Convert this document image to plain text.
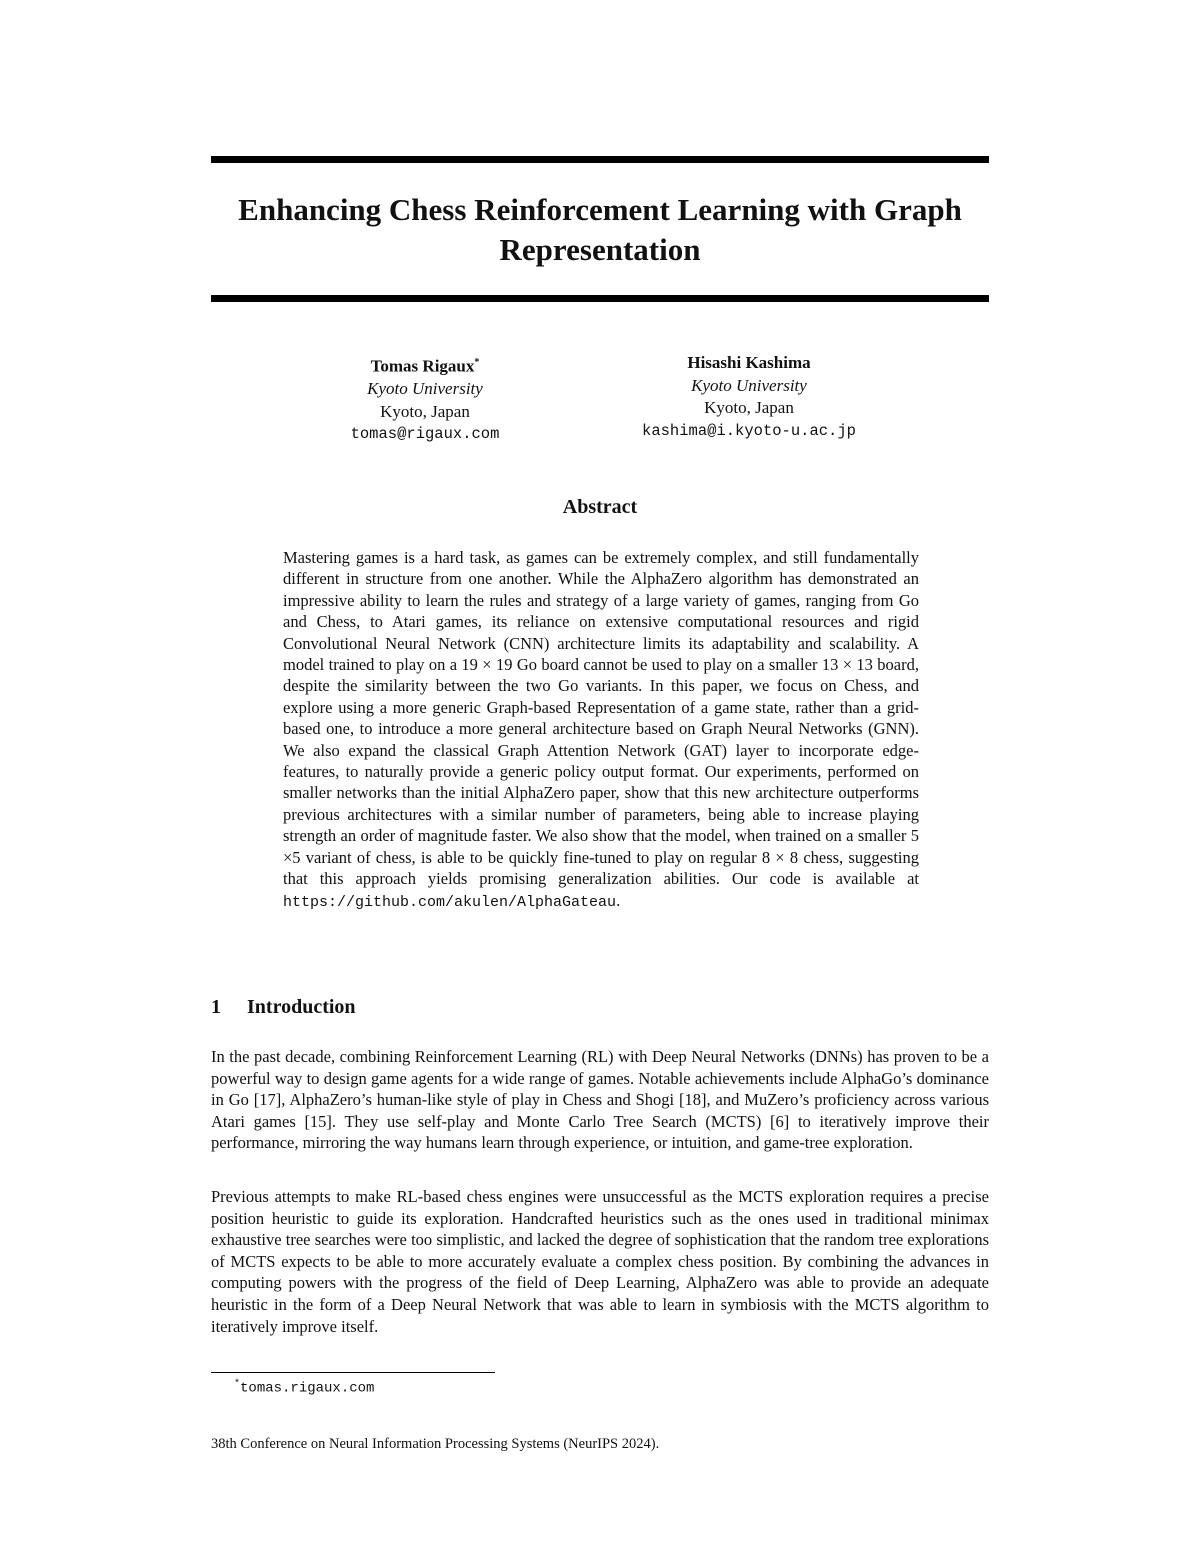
Enhancing Chess Reinforcement Learning with Graph Representation
Tomas Rigaux*
Kyoto University
Kyoto, Japan
tomas@rigaux.com
Hisashi Kashima
Kyoto University
Kyoto, Japan
kashima@i.kyoto-u.ac.jp
Abstract
Mastering games is a hard task, as games can be extremely complex, and still fundamentally different in structure from one another. While the AlphaZero algorithm has demonstrated an impressive ability to learn the rules and strategy of a large variety of games, ranging from Go and Chess, to Atari games, its reliance on extensive computational resources and rigid Convolutional Neural Network (CNN) architecture limits its adaptability and scalability. A model trained to play on a 19 × 19 Go board cannot be used to play on a smaller 13 × 13 board, despite the similarity between the two Go variants. In this paper, we focus on Chess, and explore using a more generic Graph-based Representation of a game state, rather than a grid-based one, to introduce a more general architecture based on Graph Neural Networks (GNN). We also expand the classical Graph Attention Network (GAT) layer to incorporate edge-features, to naturally provide a generic policy output format. Our experiments, performed on smaller networks than the initial AlphaZero paper, show that this new architecture outperforms previous architectures with a similar number of parameters, being able to increase playing strength an order of magnitude faster. We also show that the model, when trained on a smaller 5 ×5 variant of chess, is able to be quickly fine-tuned to play on regular 8 × 8 chess, suggesting that this approach yields promising generalization abilities. Our code is available at https://github.com/akulen/AlphaGateau.
1 Introduction
In the past decade, combining Reinforcement Learning (RL) with Deep Neural Networks (DNNs) has proven to be a powerful way to design game agents for a wide range of games. Notable achievements include AlphaGo’s dominance in Go [17], AlphaZero’s human-like style of play in Chess and Shogi [18], and MuZero’s proficiency across various Atari games [15]. They use self-play and Monte Carlo Tree Search (MCTS) [6] to iteratively improve their performance, mirroring the way humans learn through experience, or intuition, and game-tree exploration.
Previous attempts to make RL-based chess engines were unsuccessful as the MCTS exploration requires a precise position heuristic to guide its exploration. Handcrafted heuristics such as the ones used in traditional minimax exhaustive tree searches were too simplistic, and lacked the degree of sophistication that the random tree explorations of MCTS expects to be able to more accurately evaluate a complex chess position. By combining the advances in computing powers with the progress of the field of Deep Learning, AlphaZero was able to provide an adequate heuristic in the form of a Deep Neural Network that was able to learn in symbiosis with the MCTS algorithm to iteratively improve itself.
*tomas.rigaux.com
38th Conference on Neural Information Processing Systems (NeurIPS 2024).
